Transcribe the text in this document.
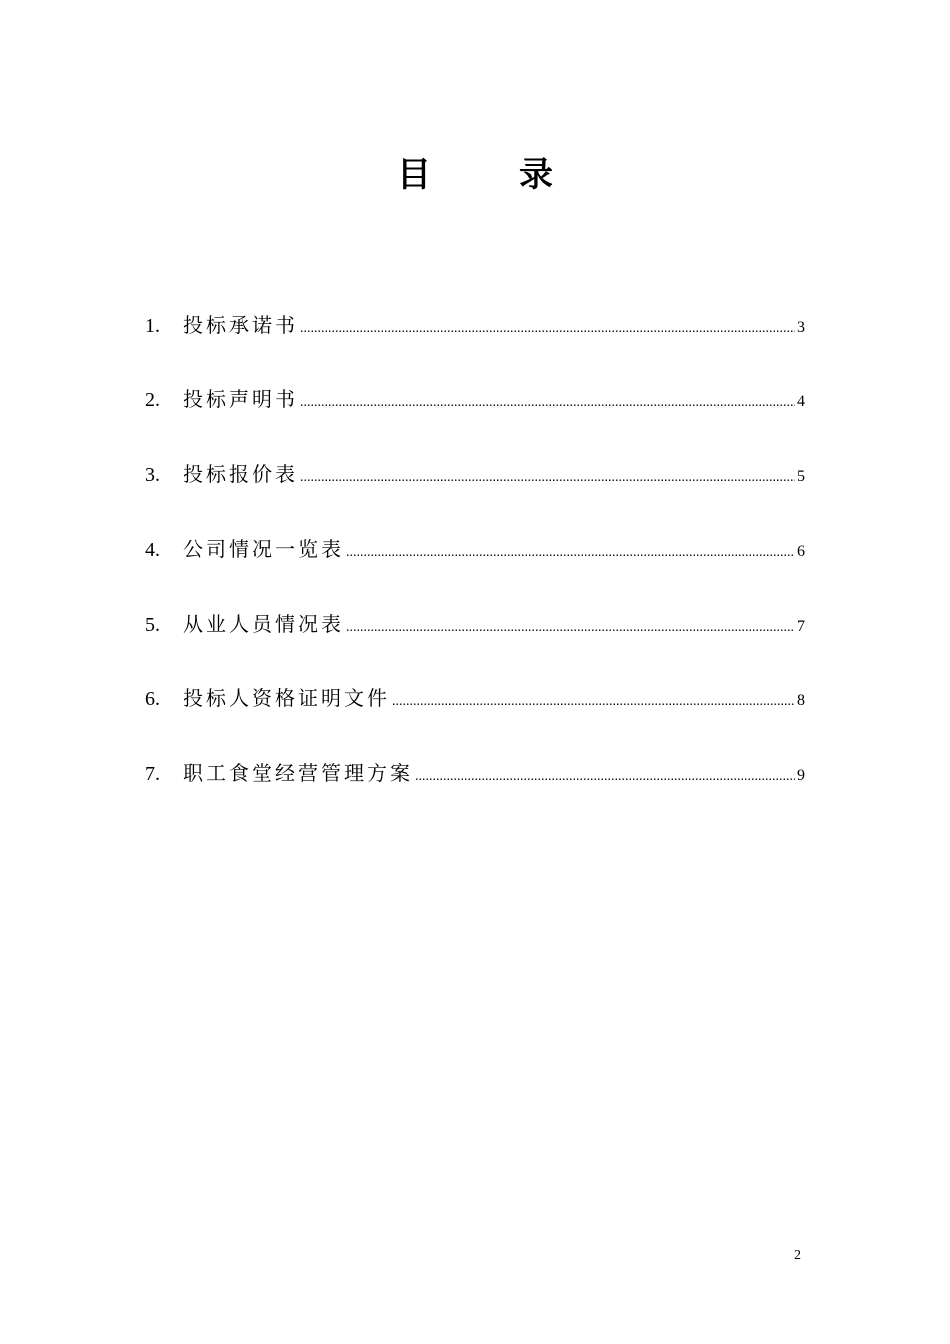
目	录
1.	投标承诺书 .....	3
2.	投标声明书 .....	4
3.	投标报价表 .....	5
4.	公司情况一览表 .....	6
5.	从业人员情况表 .....	7
6.	投标人资格证明文件 .....	8
7.	职工食堂经营管理方案 .....	9
2
